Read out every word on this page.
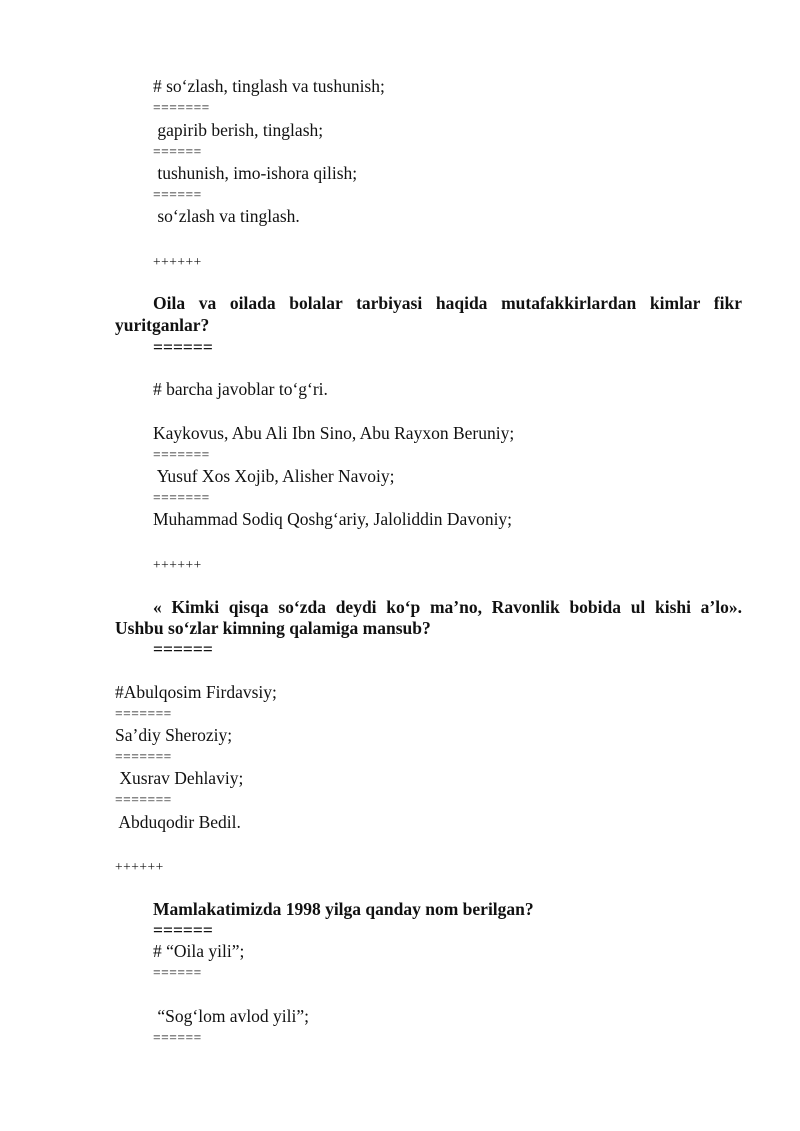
# so‘zlash, tinglash va tushunish;
=======
gapirib berish, tinglash;
======
tushunish, imo-ishora qilish;
======
so‘zlash va tinglash.
++++++
Oila va oilada bolalar tarbiyasi haqida mutafakkirlardan kimlar fikr
yuritganlar?
======
# barcha javoblar to‘g‘ri.
Kaykovus, Abu Ali Ibn Sino, Abu Rayxon Beruniy;
=======
Yusuf Xos Xojib, Alisher Navoiy;
=======
Muhammad Sodiq Qoshg‘ariy, Jaloliddin Davoniy;
++++++
« Kimki qisqa so‘zda deydi ko‘p ma’no, Ravonlik bobida ul kishi a’lo».
Ushbu so‘zlar kimning qalamiga mansub?
======
#Abulqosim Firdavsiy;
=======
Sa’diy Sheroziy;
=======
Xusrav Dehlaviy;
=======
Abduqodir Bedil.
++++++
Mamlakatimizda 1998 yilga qanday nom berilgan?
======
# “Oila yili”;
======
“Sog‘lom avlod yili”;
======
